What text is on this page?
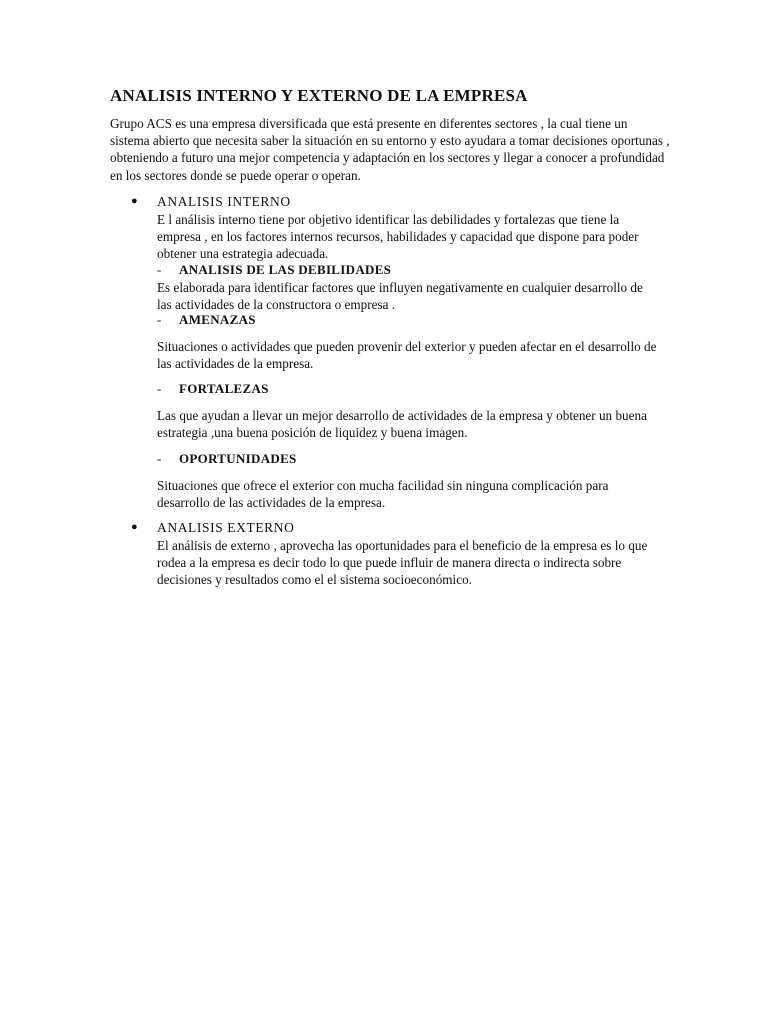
ANALISIS INTERNO Y EXTERNO DE LA EMPRESA
Grupo ACS es una empresa diversificada que está presente en diferentes sectores , la cual tiene un sistema abierto que necesita saber la situación en su entorno y esto ayudara a tomar decisiones oportunas , obteniendo a futuro una mejor competencia y adaptación en los sectores y llegar a conocer a profundidad en los sectores donde se puede operar o operan.
● ANALISIS INTERNO
E l análisis interno tiene por objetivo identificar las debilidades y fortalezas que tiene la empresa , en los factores internos recursos, habilidades y capacidad que dispone para poder obtener una estrategia adecuada.
- ANALISIS DE LAS DEBILIDADES
Es elaborada para identificar factores que influyen negativamente en cualquier desarrollo de las actividades de la constructora o empresa .
- AMENAZAS
Situaciones o actividades que pueden provenir del exterior y pueden afectar en el desarrollo de las actividades de la empresa.
- FORTALEZAS
Las que ayudan a llevar un mejor desarrollo de actividades de la empresa y obtener un buena estrategia ,una buena posición de liquidez y buena imagen.
- OPORTUNIDADES
Situaciones que ofrece el exterior con mucha facilidad sin ninguna complicación para desarrollo de las actividades de la empresa.
● ANALISIS EXTERNO
El análisis de externo , aprovecha las oportunidades para el beneficio de la empresa es lo que rodea a la empresa es decir todo lo que puede influir de manera directa o indirecta sobre decisiones y resultados como el el sistema socioeconómico.
